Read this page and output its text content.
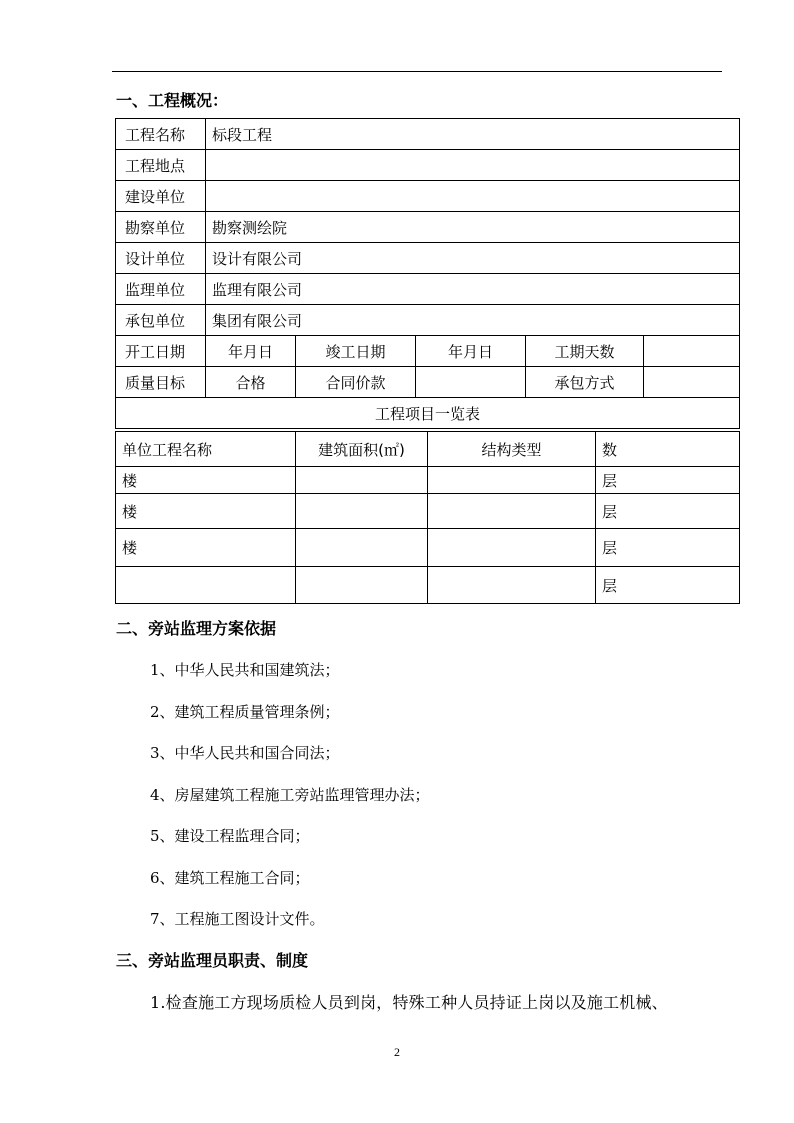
一、工程概况：
工程名称	标段工程				
工程地点					
建设单位					
勘察单位	勘察测绘院				
设计单位	设计有限公司				
监理单位	监理有限公司				
承包单位	集团有限公司				
开工日期	年月日	竣工日期	年月日	工期天数	
质量目标	合格	合同价款		承包方式	
工程项目一览表					
单位工程名称	建筑面积(㎡)	结构类型	数
楼			层
楼			层
楼			层
			层
二、旁站监理方案依据
1、中华人民共和国建筑法；
2、建筑工程质量管理条例；
3、中华人民共和国合同法；
4、房屋建筑工程施工旁站监理管理办法；
5、建设工程监理合同；
6、建筑工程施工合同；
7、工程施工图设计文件。
三、旁站监理员职责、制度
1.检查施工方现场质检人员到岗，特殊工种人员持证上岗以及施工机械、
2
